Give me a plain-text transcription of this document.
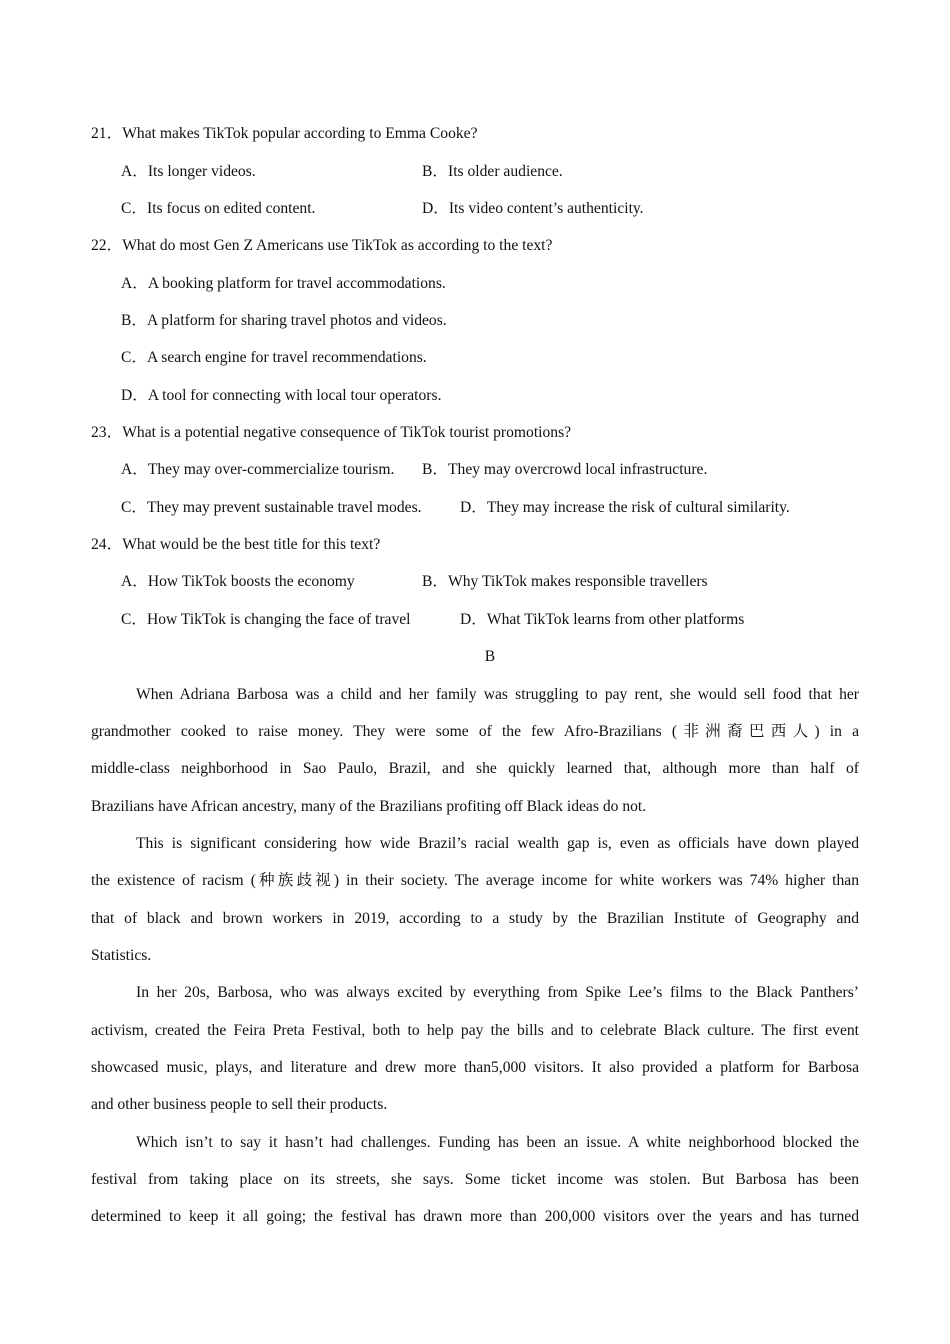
21．What makes TikTok popular according to Emma Cooke?
A．Its longer videos.	B．Its older audience.
C．Its focus on edited content.	D．Its video content’s authenticity.
22．What do most Gen Z Americans use TikTok as according to the text?
A．A booking platform for travel accommodations.
B．A platform for sharing travel photos and videos.
C．A search engine for travel recommendations.
D．A tool for connecting with local tour operators.
23．What is a potential negative consequence of TikTok tourist promotions?
A．They may over-commercialize tourism. B．They may overcrowd local infrastructure.
C．They may prevent sustainable travel modes. D．They may increase the risk of cultural similarity.
24．What would be the best title for this text?
A．How TikTok boosts the economy	B．Why TikTok makes responsible travellers
C．How TikTok is changing the face of travel	D．What TikTok learns from other platforms
B
When Adriana Barbosa was a child and her family was struggling to pay rent, she would sell food that her
grandmother cooked to raise money. They were some of the few Afro-Brazilians (非洲裔巴西人) in a
middle-class neighborhood in Sao Paulo, Brazil, and she quickly learned that, although more than half of
Brazilians have African ancestry, many of the Brazilians profiting off Black ideas do not.
This is significant considering how wide Brazil’s racial wealth gap is, even as officials have down played
the existence of racism (种族歧视) in their society. The average income for white workers was 74% higher than
that of black and brown workers in 2019, according to a study by the Brazilian Institute of Geography and
Statistics.
In her 20s, Barbosa, who was always excited by everything from Spike Lee’s films to the Black Panthers’
activism, created the Feira Preta Festival, both to help pay the bills and to celebrate Black culture. The first event
showcased music, plays, and literature and drew more than5,000 visitors. It also provided a platform for Barbosa
and other business people to sell their products.
Which isn’t to say it hasn’t had challenges. Funding has been an issue. A white neighborhood blocked the
festival from taking place on its streets, she says. Some ticket income was stolen. But Barbosa has been
determined to keep it all going; the festival has drawn more than 200,000 visitors over the years and has turned
